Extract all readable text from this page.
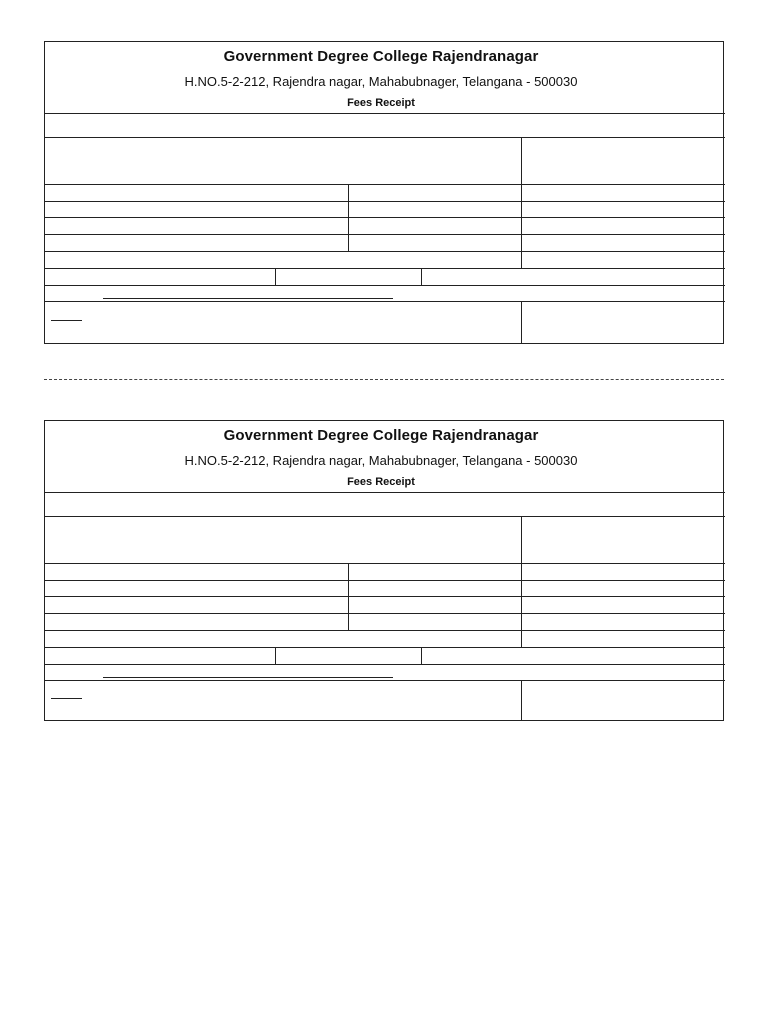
Government Degree College Rajendranagar
H.NO.5-2-212, Rajendra nagar, Mahabubnager, Telangana - 500030
Fees Receipt
Government Degree College Rajendranagar
H.NO.5-2-212, Rajendra nagar, Mahabubnager, Telangana - 500030
Fees Receipt
